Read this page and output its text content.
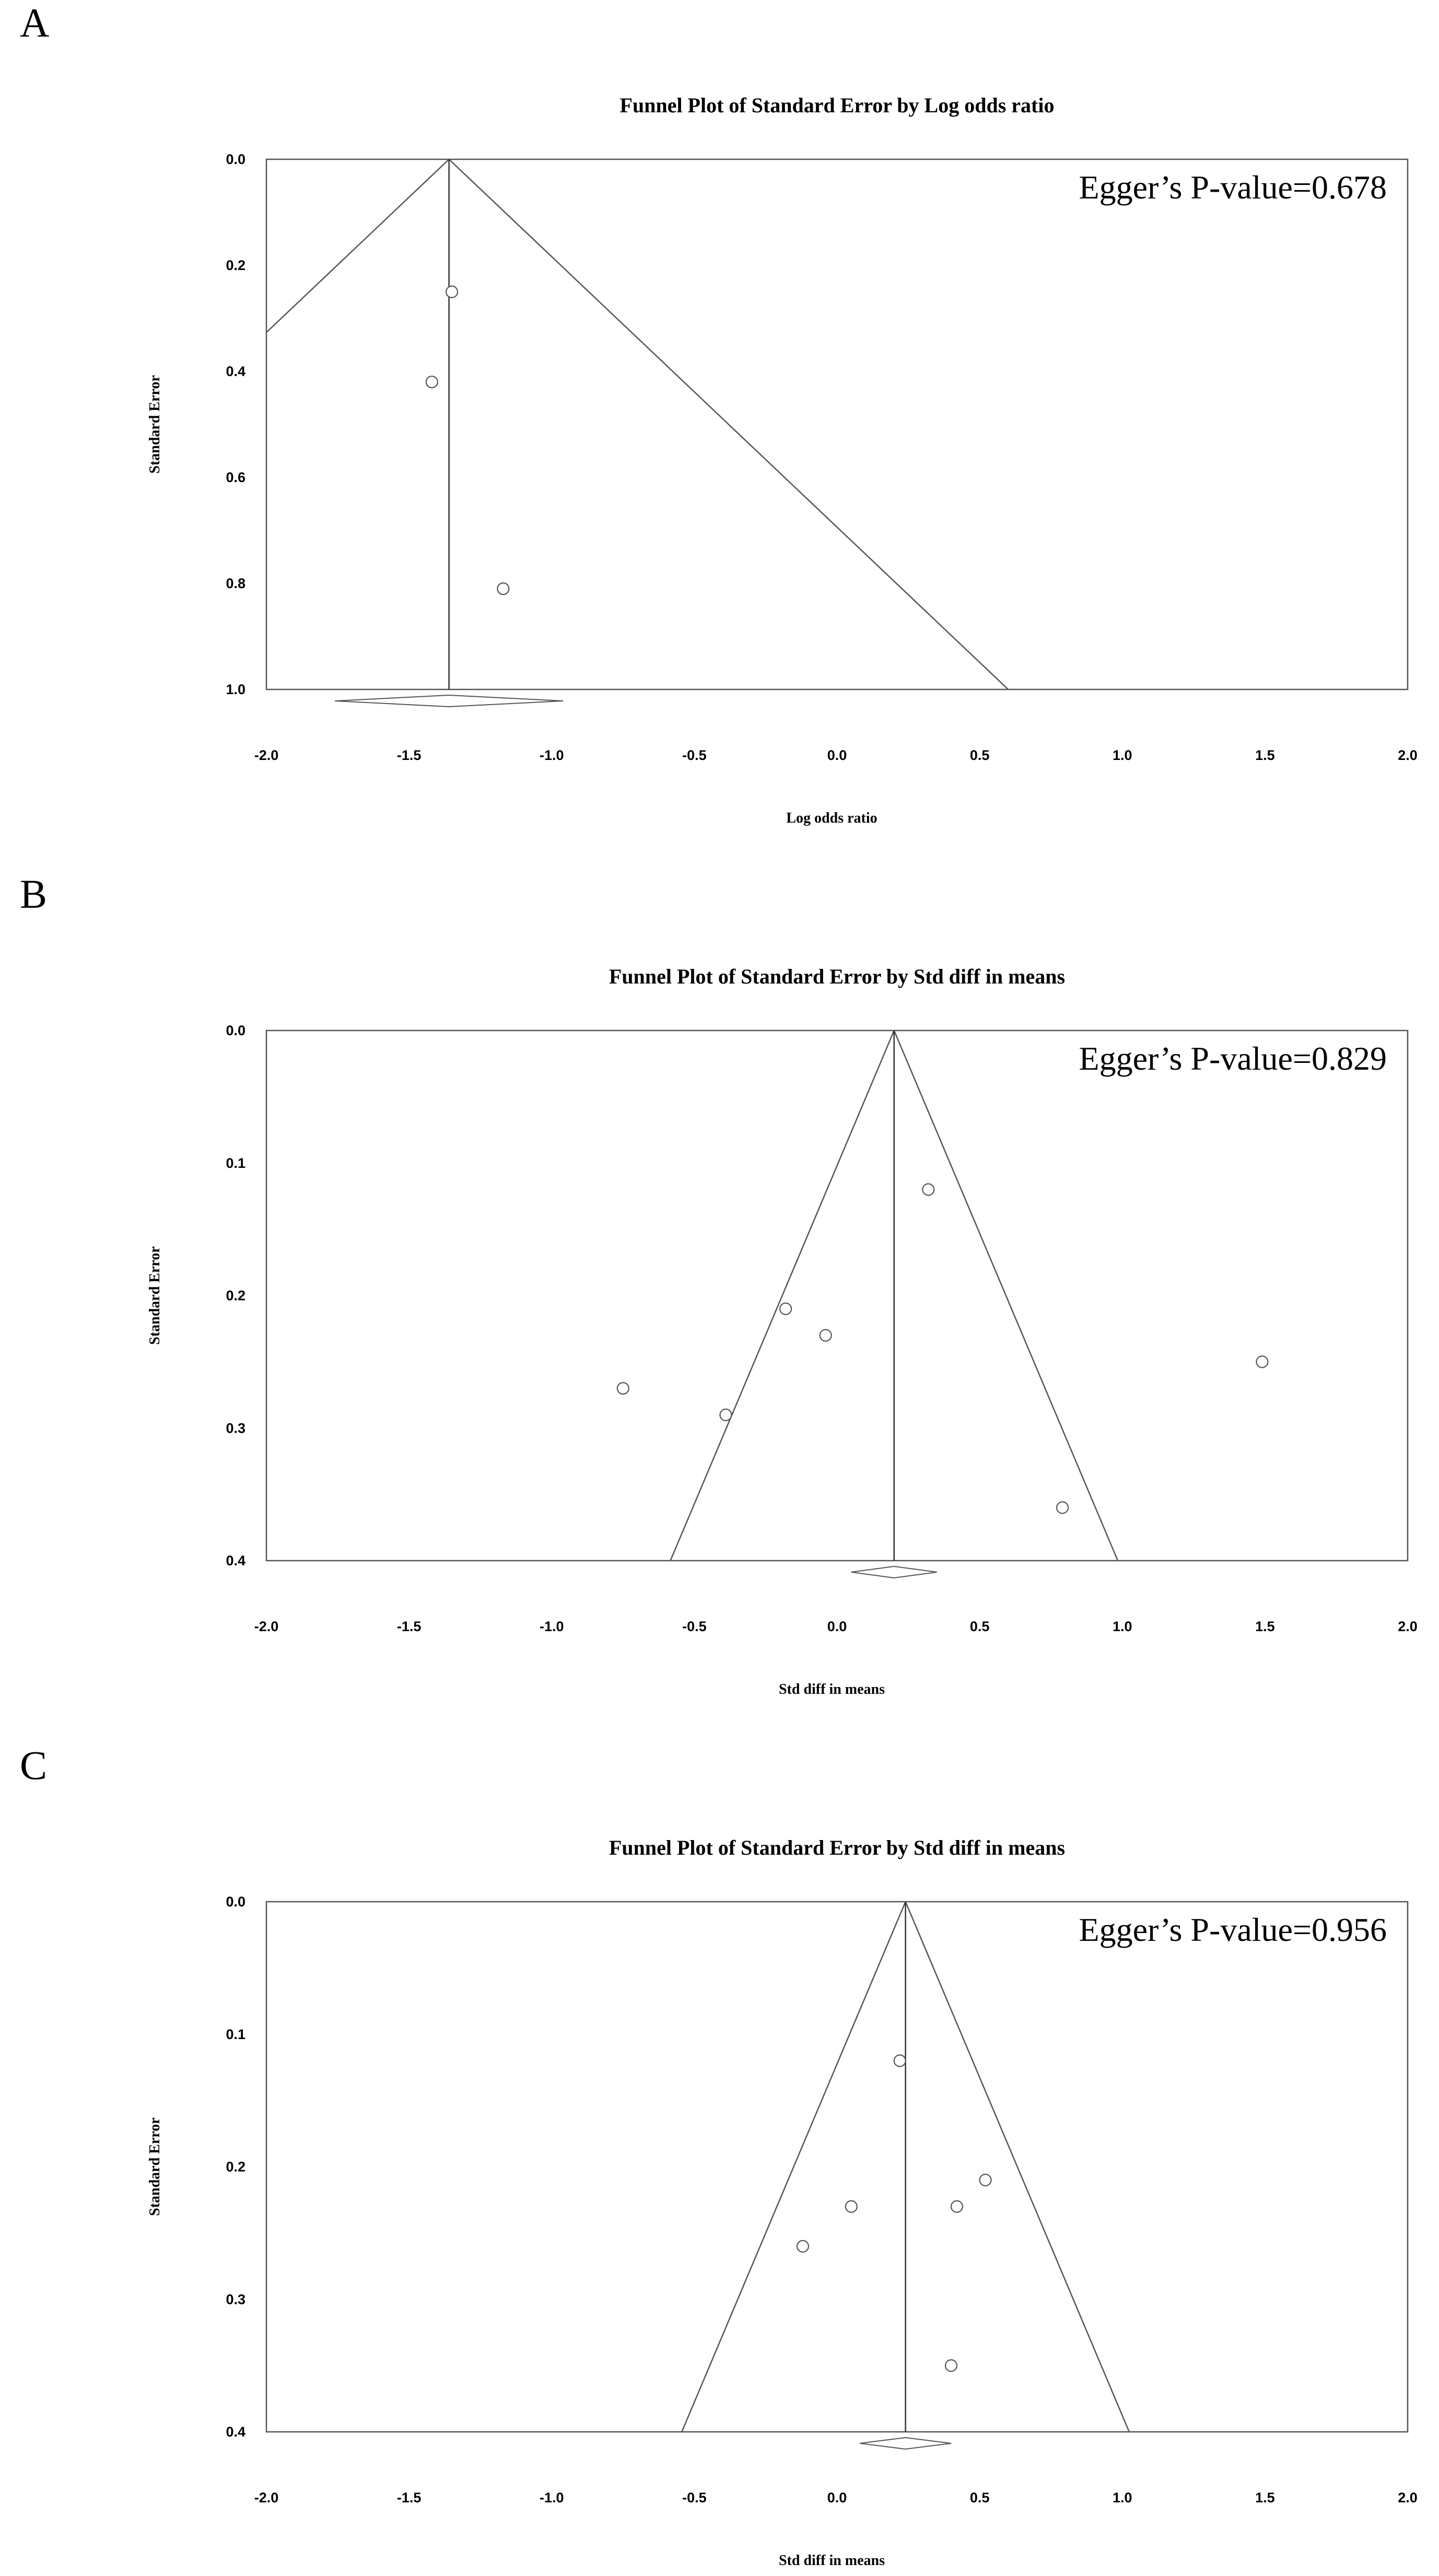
A
Funnel Plot of Standard Error by Log odds ratio
0.0
0.2
0.4
0.6
0.8
1.0
-2.0	-1.5	-1.0	-0.5	0.0	0.5	1.0	1.5	2.0
Log odds ratio
Standard Error
Egger’s P-value=0.678
B
Funnel Plot of Standard Error by Std diff in means
0.0
0.1
0.2
0.3
0.4
-2.0	-1.5	-1.0	-0.5	0.0	0.5	1.0	1.5	2.0
Std diff in means
Standard Error
Egger’s P-value=0.829
C
Funnel Plot of Standard Error by Std diff in means
0.0
0.1
0.2
0.3
0.4
-2.0	-1.5	-1.0	-0.5	0.0	0.5	1.0	1.5	2.0
Std diff in means
Standard Error
Egger’s P-value=0.956
